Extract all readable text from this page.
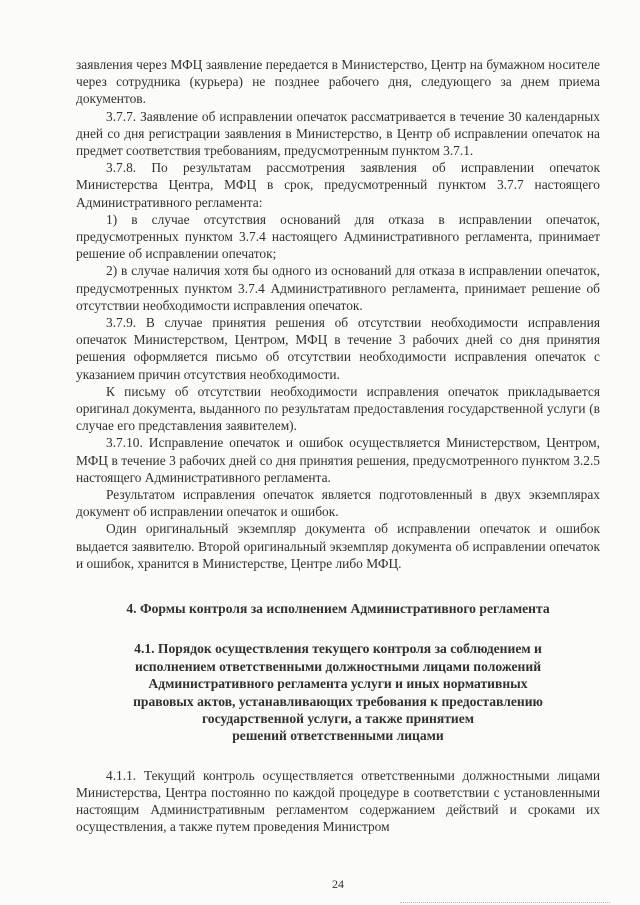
заявления через МФЦ заявление передается в Министерство, Центр на бумажном носителе через сотрудника (курьера) не позднее рабочего дня, следующего за днем приема документов.

3.7.7. Заявление об исправлении опечаток рассматривается в течение 30 календарных дней со дня регистрации заявления в Министерство, в Центр об исправлении опечаток на предмет соответствия требованиям, предусмотренным пунктом 3.7.1.

3.7.8. По результатам рассмотрения заявления об исправлении опечаток Министерства Центра, МФЦ в срок, предусмотренный пунктом 3.7.7 настоящего Административного регламента:

1) в случае отсутствия оснований для отказа в исправлении опечаток, предусмотренных пунктом 3.7.4 настоящего Административного регламента, принимает решение об исправлении опечаток;

2) в случае наличия хотя бы одного из оснований для отказа в исправлении опечаток, предусмотренных пунктом 3.7.4 Административного регламента, принимает решение об отсутствии необходимости исправления опечаток.

3.7.9. В случае принятия решения об отсутствии необходимости исправления опечаток Министерством, Центром, МФЦ в течение 3 рабочих дней со дня принятия решения оформляется письмо об отсутствии необходимости исправления опечаток с указанием причин отсутствия необходимости.

К письму об отсутствии необходимости исправления опечаток прикладывается оригинал документа, выданного по результатам предоставления государственной услуги (в случае его представления заявителем).

3.7.10. Исправление опечаток и ошибок осуществляется Министерством, Центром, МФЦ в течение 3 рабочих дней со дня принятия решения, предусмотренного пунктом 3.2.5 настоящего Административного регламента.

Результатом исправления опечаток является подготовленный в двух экземплярах документ об исправлении опечаток и ошибок.

Один оригинальный экземпляр документа об исправлении опечаток и ошибок выдается заявителю. Второй оригинальный экземпляр документа об исправлении опечаток и ошибок, хранится в Министерстве, Центре либо МФЦ.

4. Формы контроля за исполнением Административного регламента
4.1. Порядок осуществления текущего контроля за соблюдением и
исполнением ответственными должностными лицами положений
Административного регламента услуги и иных нормативных
правовых актов, устанавливающих требования к предоставлению
государственной услуги, а также принятием
решений ответственными лицами

4.1.1. Текущий контроль осуществляется ответственными должностными лицами Министерства, Центра постоянно по каждой процедуре в соответствии с установленными настоящим Административным регламентом содержанием действий и сроками их осуществления, а также путем проведения Министром

24
